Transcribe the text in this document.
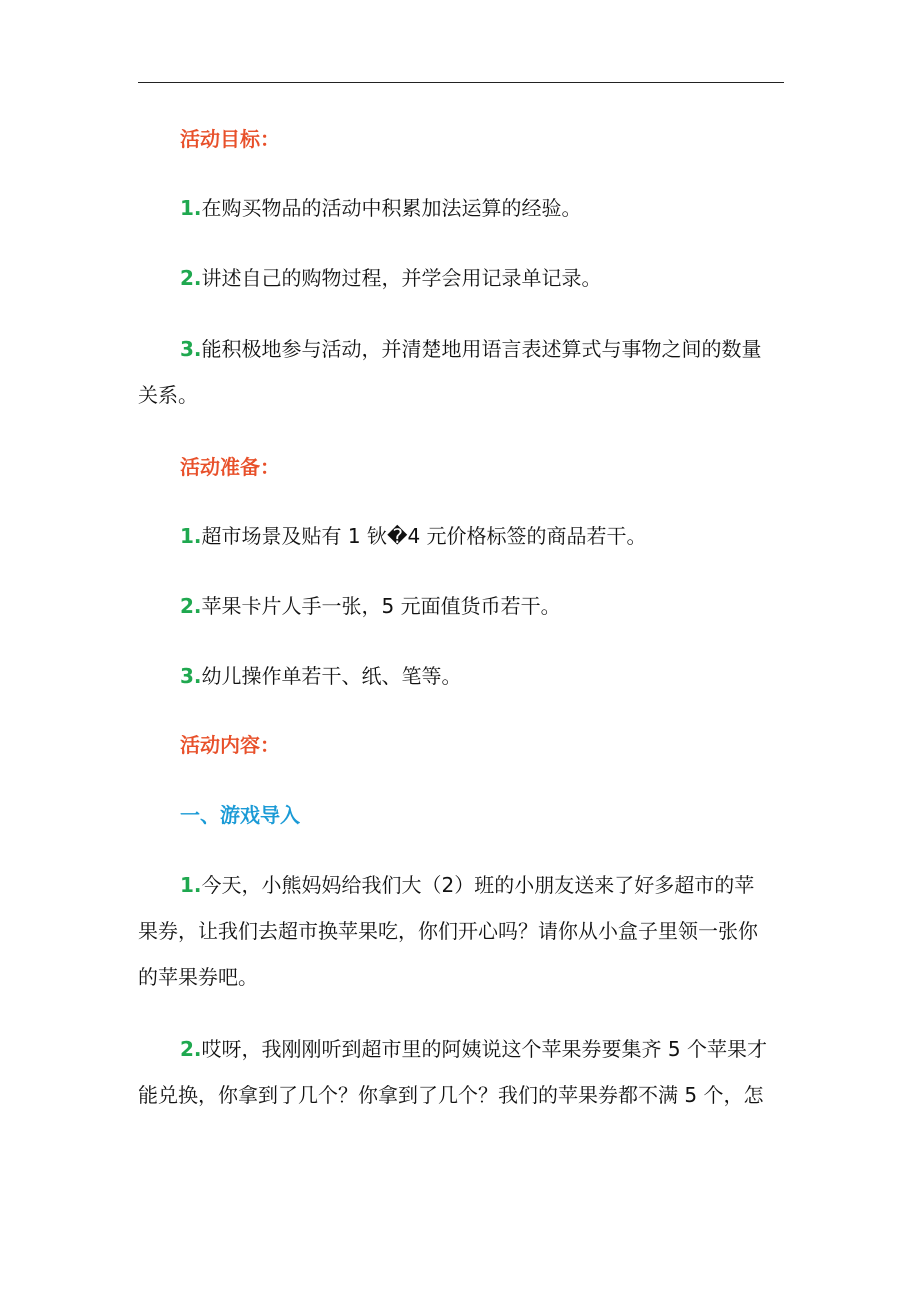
活动目标：
1.在购买物品的活动中积累加法运算的经验。
2.讲述自己的购物过程，并学会用记录单记录。
3.能积极地参与活动，并清楚地用语言表述算式与事物之间的数量
关系。
活动准备：
1.超市场景及贴有 1 钬�4 元价格标签的商品若干。
2.苹果卡片人手一张，5 元面值货币若干。
3.幼儿操作单若干、纸、笔等。
活动内容：
一、游戏导入
1.今天，小熊妈妈给我们大（2）班的小朋友送来了好多超市的苹
果券，让我们去超市换苹果吃，你们开心吗？请你从小盒子里领一张你
的苹果券吧。
2.哎呀，我刚刚听到超市里的阿姨说这个苹果券要集齐 5 个苹果才
能兑换，你拿到了几个？你拿到了几个？我们的苹果券都不满 5 个，怎
